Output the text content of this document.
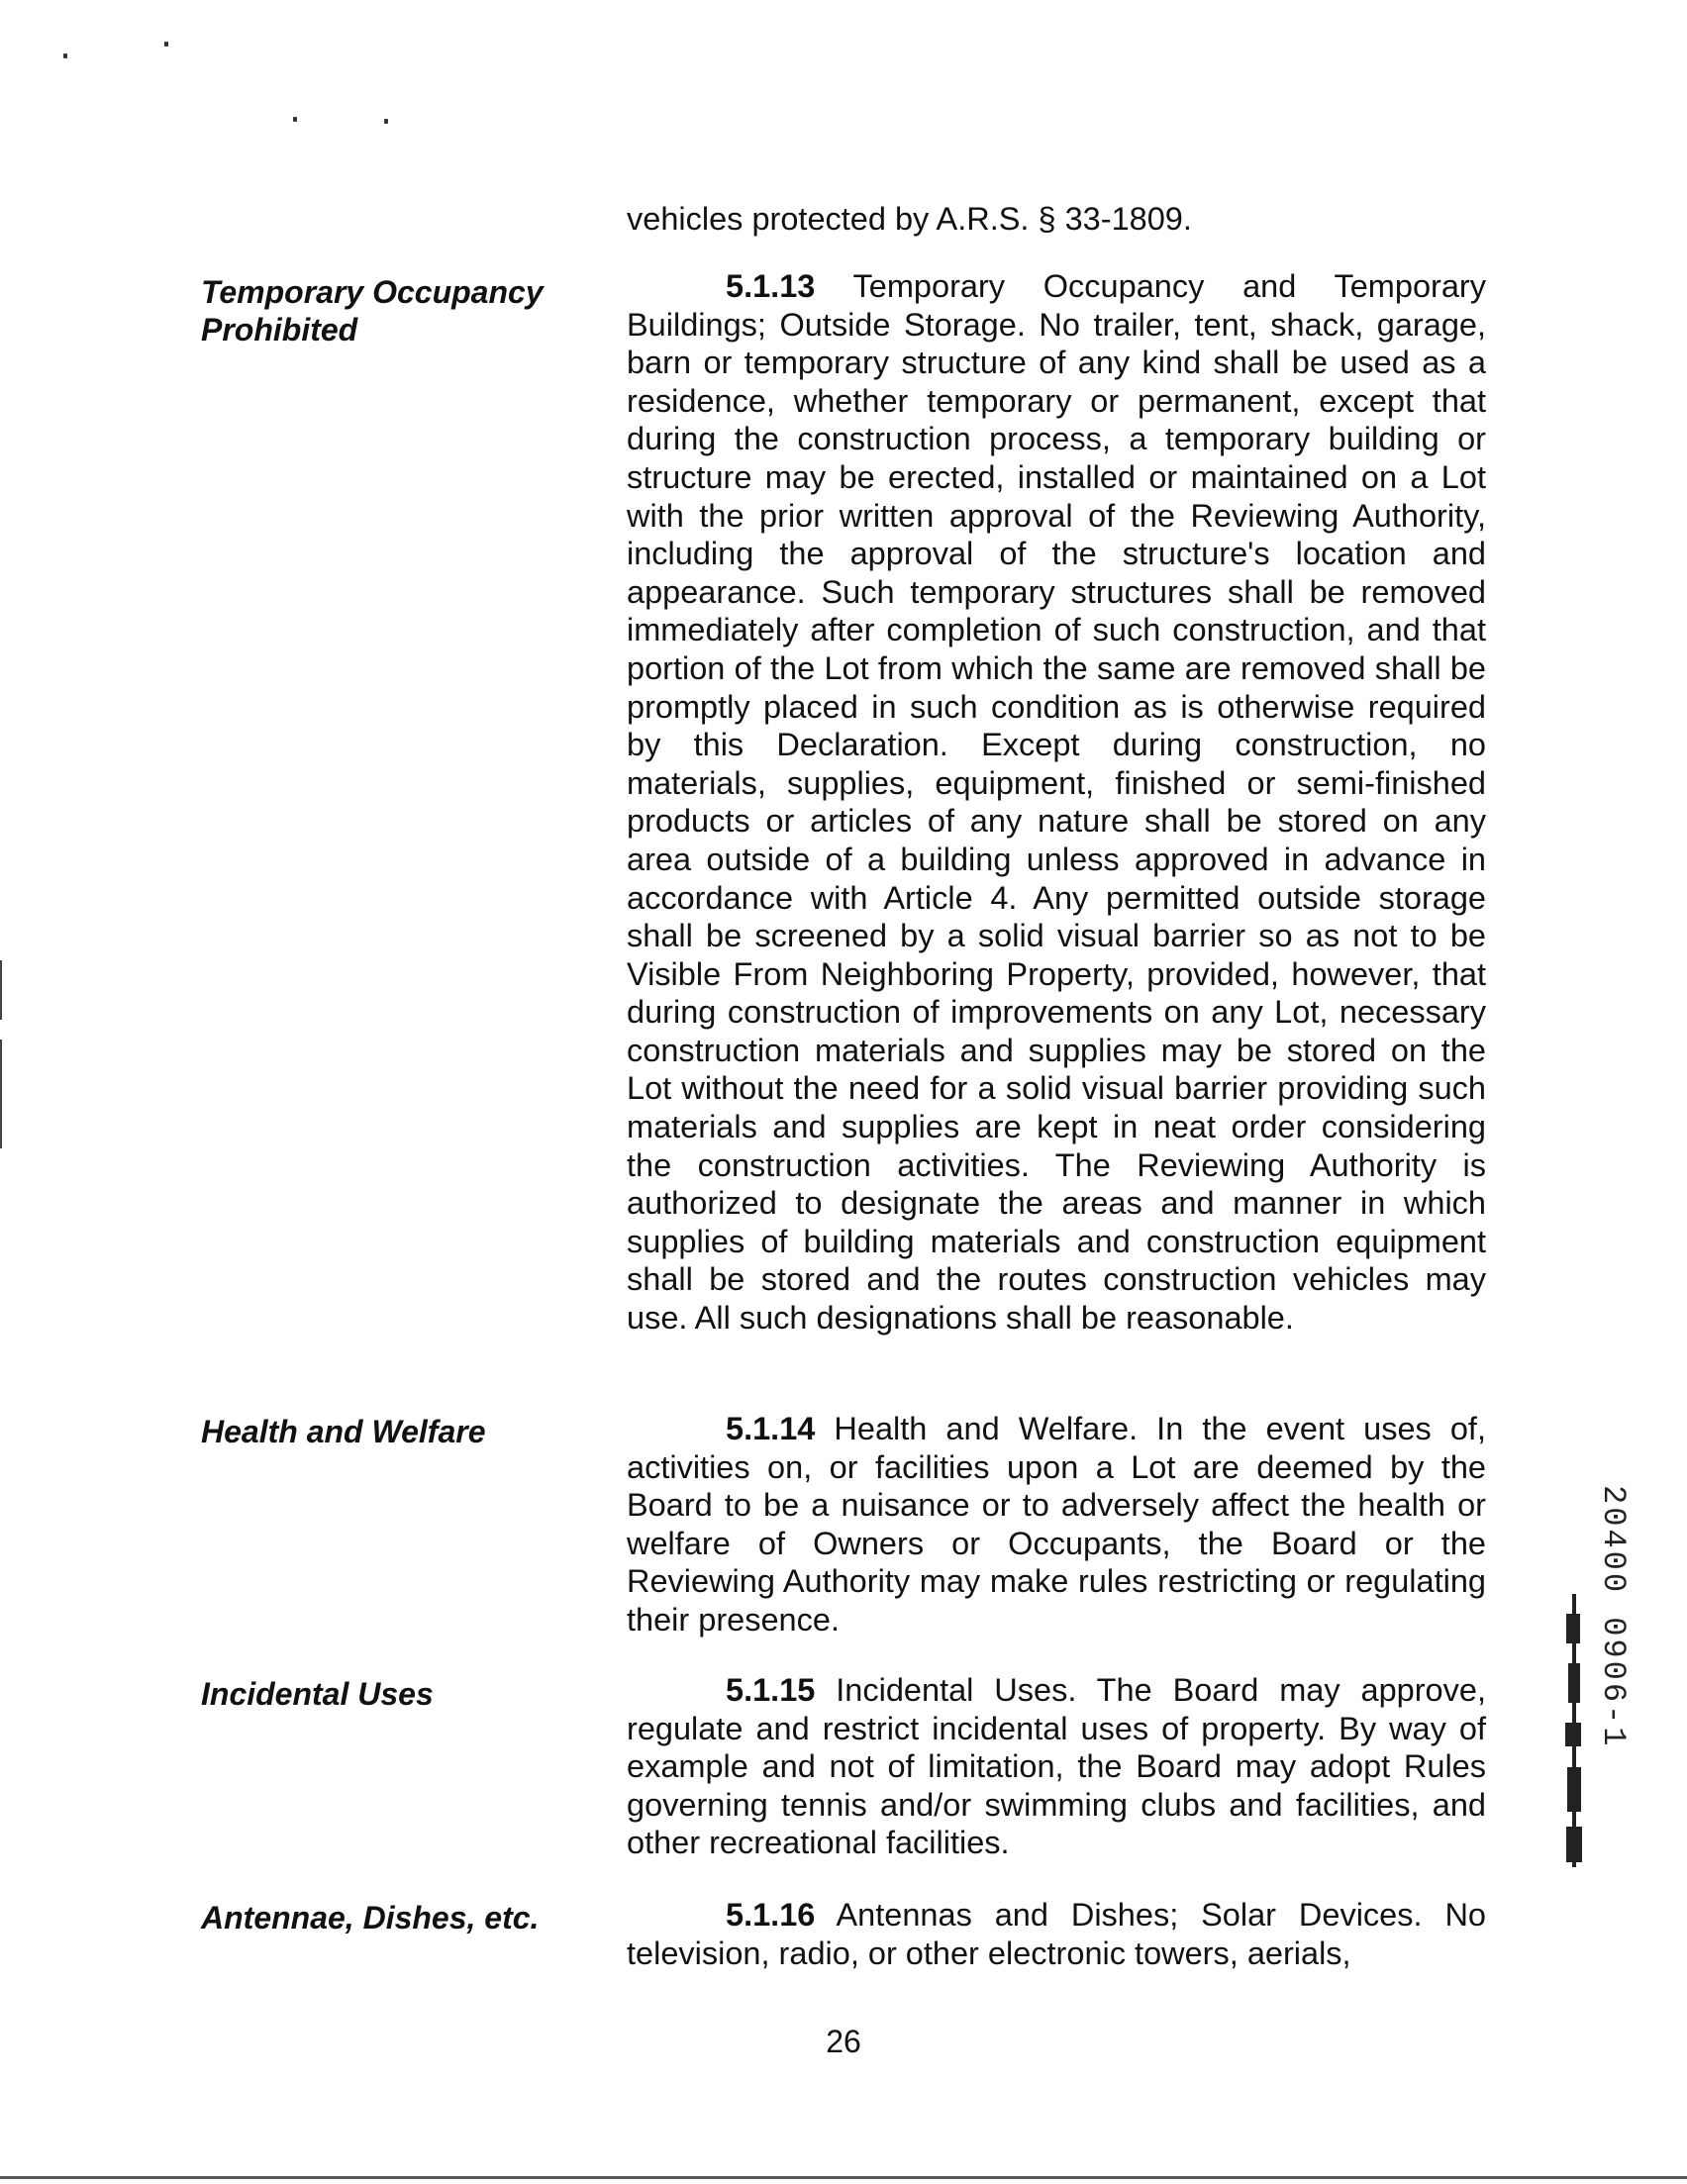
vehicles protected by A.R.S. § 33-1809.
Temporary Occupancy Prohibited
5.1.13 Temporary Occupancy and Temporary Buildings; Outside Storage. No trailer, tent, shack, garage, barn or temporary structure of any kind shall be used as a residence, whether temporary or permanent, except that during the construction process, a temporary building or structure may be erected, installed or maintained on a Lot with the prior written approval of the Reviewing Authority, including the approval of the structure's location and appearance. Such temporary structures shall be removed immediately after completion of such construction, and that portion of the Lot from which the same are removed shall be promptly placed in such condition as is otherwise required by this Declaration. Except during construction, no materials, supplies, equipment, finished or semi-finished products or articles of any nature shall be stored on any area outside of a building unless approved in advance in accordance with Article 4. Any permitted outside storage shall be screened by a solid visual barrier so as not to be Visible From Neighboring Property, provided, however, that during construction of improvements on any Lot, necessary construction materials and supplies may be stored on the Lot without the need for a solid visual barrier providing such materials and supplies are kept in neat order considering the construction activities. The Reviewing Authority is authorized to designate the areas and manner in which supplies of building materials and construction equipment shall be stored and the routes construction vehicles may use. All such designations shall be reasonable.
Health and Welfare	5.1.14 Health and Welfare. In the event uses of, activities on, or facilities upon a Lot are deemed by the Board to be a nuisance or to adversely affect the health or welfare of Owners or Occupants, the Board or the Reviewing Authority may make rules restricting or regulating their presence.
Incidental Uses	5.1.15 Incidental Uses. The Board may approve, regulate and restrict incidental uses of property. By way of example and not of limitation, the Board may adopt Rules governing tennis and/or swimming clubs and facilities, and other recreational facilities.
Antennae, Dishes, etc.	5.1.16 Antennas and Dishes; Solar Devices. No television, radio, or other electronic towers, aerials,
26
20400 0906-1
